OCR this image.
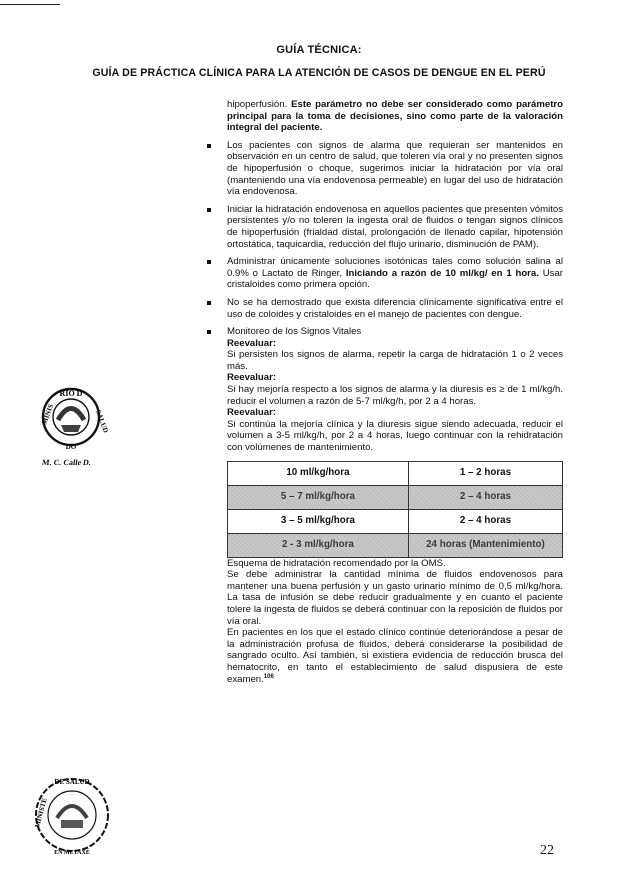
GUÍA TÉCNICA:
GUÍA DE PRÁCTICA CLÍNICA PARA LA ATENCIÓN DE CASOS DE DENGUE EN EL PERÚ
RIO D
MINIS	SALUD
DO
M. C. Calle D.
DE SALUD
MINISTE
EN METAXÉ

hipoperfusión. Este parámetro no debe ser considerado como parámetro principal para la toma de decisiones, sino como parte de la valoración integral del paciente.

Los pacientes con signos de alarma que requieran ser mantenidos en observación en un centro de salud, que toleren vía oral y no presenten signos de hipoperfusión o choque, sugerimos iniciar la hidratación por vía oral (manteniendo una vía endovenosa permeable) en lugar del uso de hidratación vía endovenosa.
Iniciar la hidratación endovenosa en aquellos pacientes que presenten vómitos persistentes y/o no toleren la ingesta oral de fluidos o tengan signos clínicos de hipoperfusión (frialdad distal, prolongación de llenado capilar, hipotensión ortostática, taquicardia, reducción del flujo urinario, disminución de PAM).
Administrar únicamente soluciones isotónicas tales como solución salina al 0.9% o Lactato de Ringer, Iniciando a razón de 10 ml/kg/ en 1 hora. Usar cristaloides como primera opción.
No se ha demostrado que exista diferencia clínicamente significativa entre el uso de coloides y cristaloides en el manejo de pacientes con dengue.
Monitoreo de los Signos Vitales

Reevaluar:

Si persisten los signos de alarma, repetir la carga de hidratación 1 o 2 veces más.

Reevaluar:

Si hay mejoría respecto a los signos de alarma y la diuresis es ≥ de 1 ml/kg/h. reducir el volumen a razón de 5-7 ml/kg/h, por 2 a 4 horas.

Reevaluar:

Si continúa la mejoría clínica y la diuresis sigue siendo adecuada, reducir el volumen a 3-5 ml/kg/h, por 2 a 4 horas, luego continuar con la rehidratación con volúmenes de mantenimiento.

10 ml/kg/hora	1 – 2 horas
5 – 7 ml/kg/hora	2 – 4 horas
3 – 5 ml/kg/hora	2 – 4 horas
2 - 3 ml/kg/hora	24 horas (Mantenimiento)

Esquema de hidratación recomendado por la OMS.

Se debe administrar la cantidad mínima de fluidos endovenosos para mantener una buena perfusión y un gasto urinario mínimo de 0,5 ml/kg/hora. La tasa de infusión se debe reducir gradualmente y en cuanto el paciente tolere la ingesta de fluidos se deberá continuar con la reposición de fluidos por vía oral.

En pacientes en los que el estado clínico continúe deteriorándose a pesar de la administración profusa de fluidos, deberá considerarse la posibilidad de sangrado oculto. Así también, si existiera evidencia de reducción brusca del hematocrito, en tanto el establecimiento de salud dispusiera de este examen.$^{106}$

22
